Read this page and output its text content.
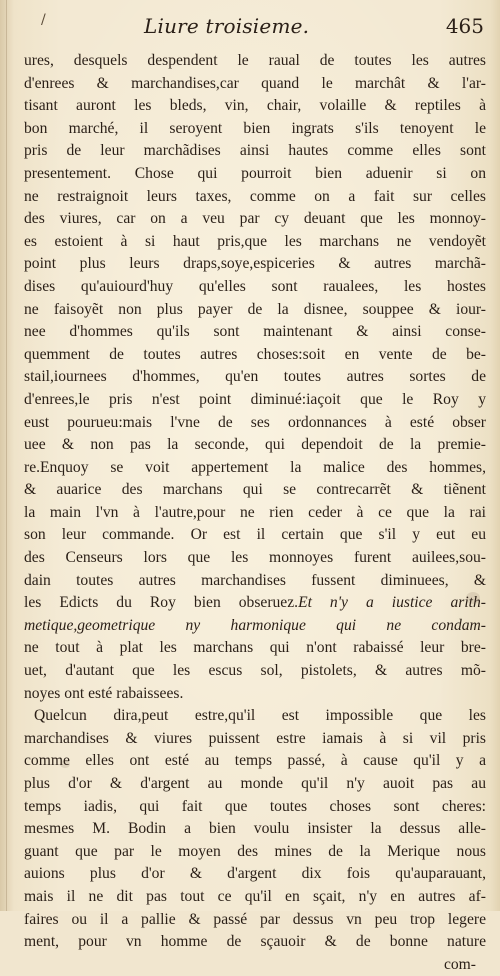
/	Liure troisieme.	465
ures, desquels despendent le raual de toutes les autres
d'enrees & marchandises,car quand le marchât & l'ar-
tisant auront les bleds, vin, chair, volaille & reptiles à
bon marché, il seroyent bien ingrats s'ils tenoyent le
pris de leur marchãdises ainsi hautes comme elles sont
presentement. Chose qui pourroit bien aduenir si on
ne restraignoit leurs taxes, comme on a fait sur celles
des viures, car on a veu par cy deuant que les monnoy-
es estoient à si haut pris,que les marchans ne vendoyẽt
point plus leurs draps,soye,espiceries & autres marchã-
dises qu'auiourd'huy qu'elles sont raualees, les hostes
ne faisoyẽt non plus payer de la disnee, souppee & iour-
nee d'hommes qu'ils sont maintenant & ainsi conse-
quemment de toutes autres choses:soit en vente de be-
stail,iournees d'hommes, qu'en toutes autres sortes de
d'enrees,le pris n'est point diminué:iaçoit que le Roy y
eust pourueu:mais l'vne de ses ordonnances à esté obser
uee & non pas la seconde, qui dependoit de la premie-
re.Enquoy se voit appertement la malice des hommes,
& auarice des marchans qui se contrecarrẽt & tiẽnent
la main l'vn à l'autre,pour ne rien ceder à ce que la rai
son leur commande. Or est il certain que s'il y eut eu
des Censeurs lors que les monnoyes furent auilees,sou-
dain toutes autres marchandises fussent diminuees, &
les Edicts du Roy bien obseruez.Et n'y a iustice arith-
metique,geometrique ny harmonique qui ne condam-
ne tout à plat les marchans qui n'ont rabaissé leur bre-
uet, d'autant que les escus sol, pistolets, & autres mõ-
noyes ont esté rabaissees.
Quelcun dira,peut estre,qu'il est impossible que les
marchandises & viures puissent estre iamais à si vil pris
comme elles ont esté au temps passé, à cause qu'il y a
plus d'or & d'argent au monde qu'il n'y auoit pas au
temps iadis, qui fait que toutes choses sont cheres:
mesmes M. Bodin a bien voulu insister la dessus alle-
guant que par le moyen des mines de la Merique nous
auions plus d'or & d'argent dix fois qu'auparauant,
mais il ne dit pas tout ce qu'il en sçait, n'y en autres af-
faires ou il a pallie & passé par dessus vn peu trop legere
ment, pour vn homme de sçauoir & de bonne nature
com-
